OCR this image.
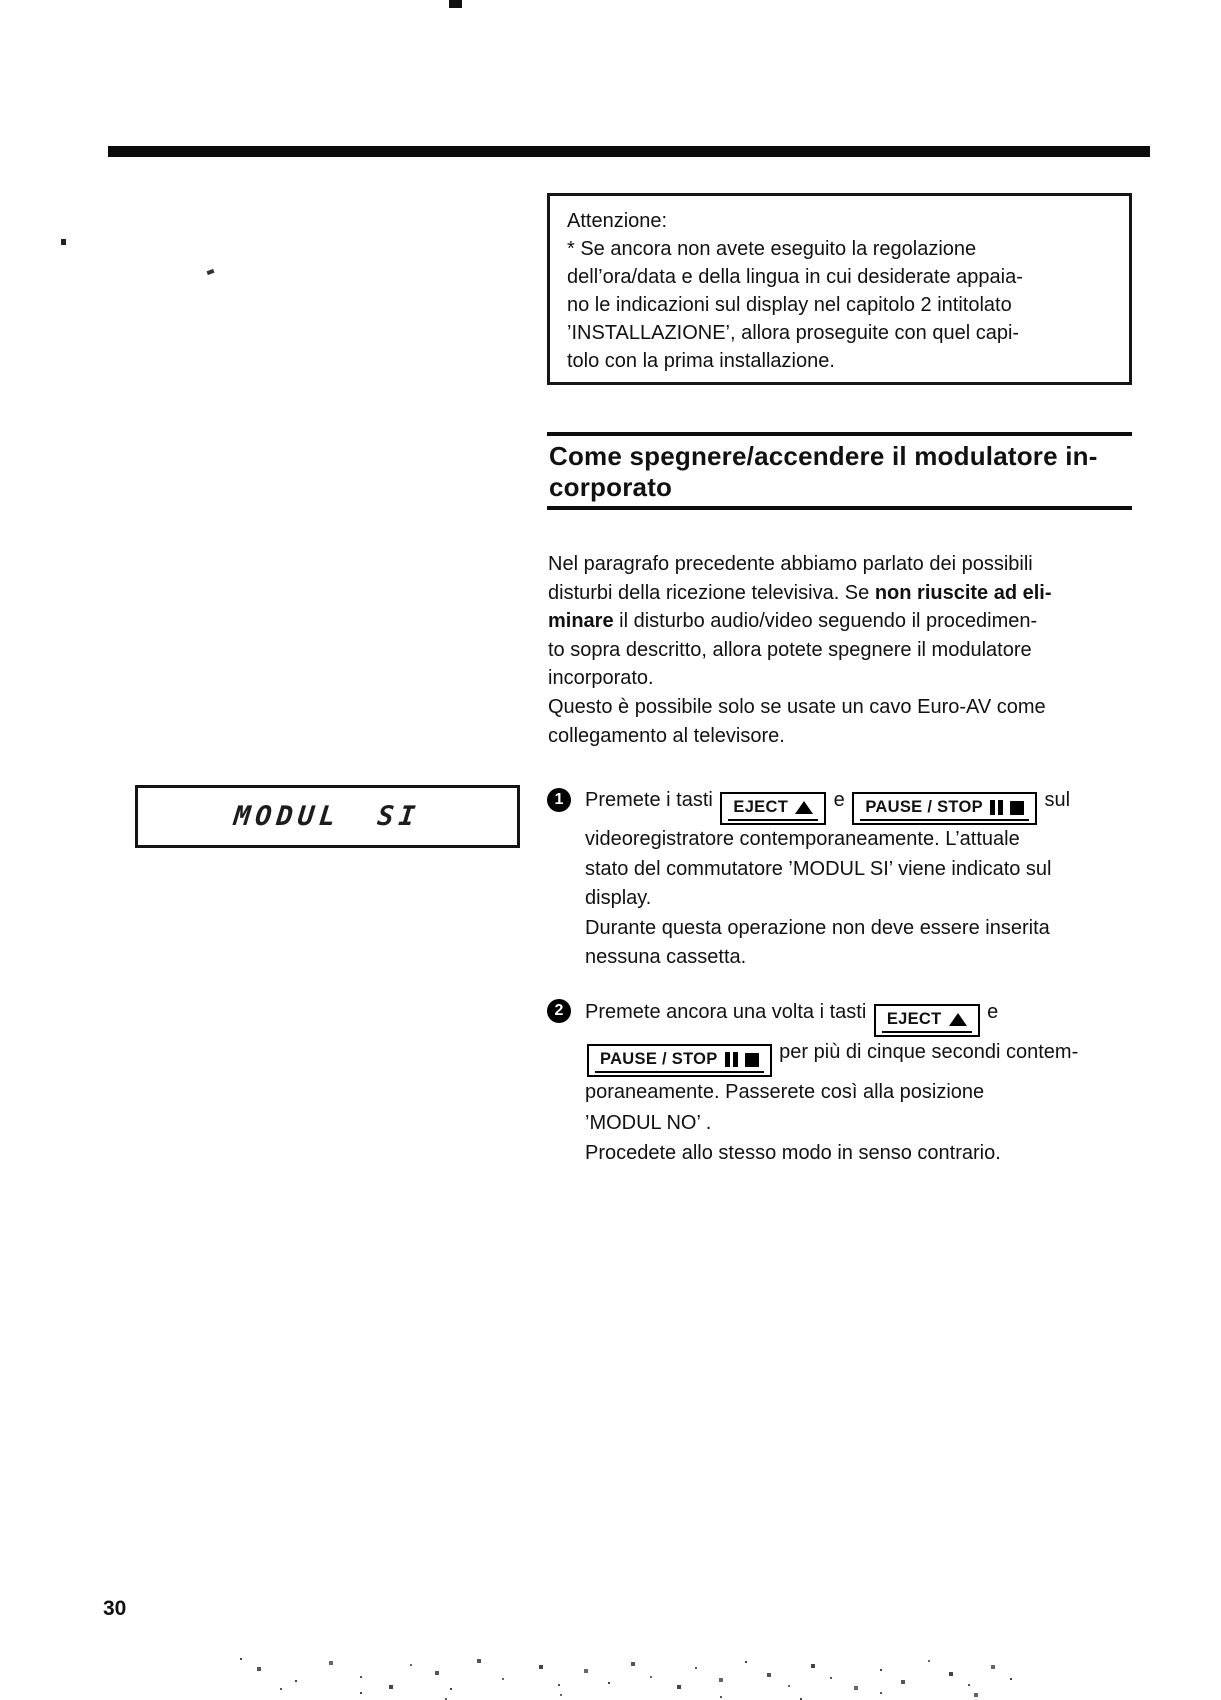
Attenzione:
* Se ancora non avete eseguito la regolazione
dell’ora/data e della lingua in cui desiderate appaia-
no le indicazioni sul display nel capitolo 2 intitolato
’INSTALLAZIONE’, allora proseguite con quel capi-
tolo con la prima installazione.
Come spegnere/accendere il modulatore in-
corporato
Nel paragrafo precedente abbiamo parlato dei possibili
disturbi della ricezione televisiva. Se non riuscite ad eli-
minare il disturbo audio/video seguendo il procedimen-
to sopra descritto, allora potete spegnere il modulatore
incorporato.
Questo è possibile solo se usate un cavo Euro-AV come
collegamento al televisore.
MODUL SI
1	Premete i tasti EJECT e PAUSE / STOP	sul
videoregistratore contemporaneamente. L’attuale
stato del commutatore ’MODUL SI’ viene indicato sul
display.
Durante questa operazione non deve essere inserita
nessuna cassetta.
2	Premete ancora una volta i tasti EJECT e
PAUSE / STOP	per più di cinque secondi contem-
poraneamente. Passerete così alla posizione
’MODUL NO’ .
Procedete allo stesso modo in senso contrario.
30
